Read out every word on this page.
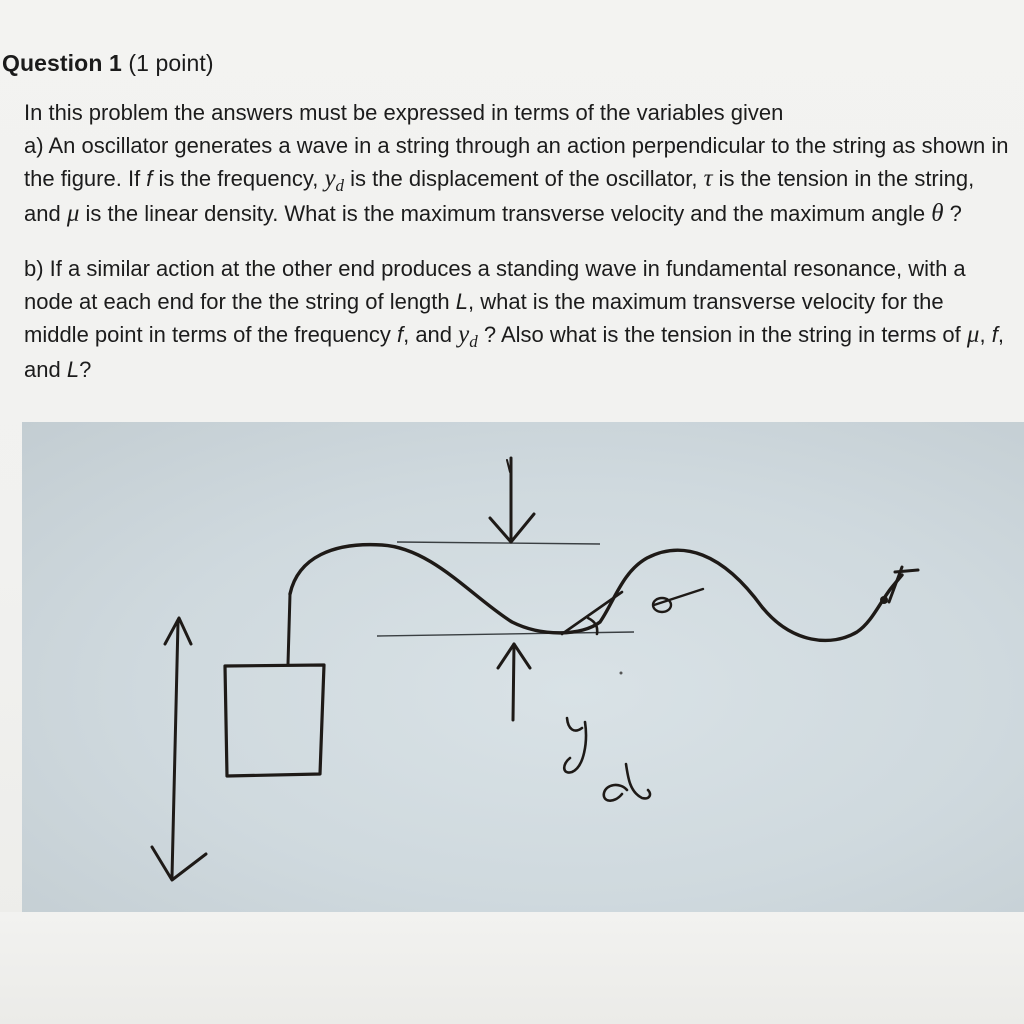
Question 1 (1 point)

In this problem the answers must be expressed in terms of the variables given

a) An oscillator generates a wave in a string through an action perpendicular to the string as shown in the figure. If f is the frequency, $y_d$ is the displacement of the oscillator, τ is the tension in the string, and μ is the linear density. What is the maximum transverse velocity and the maximum angle θ ?

b) If a similar action at the other end produces a standing wave in fundamental resonance, with a node at each end for the the string of length L, what is the maximum transverse velocity for the middle point in terms of the frequency f, and $y_d$ ? Also what is the tension in the string in terms of μ, f, and L?
